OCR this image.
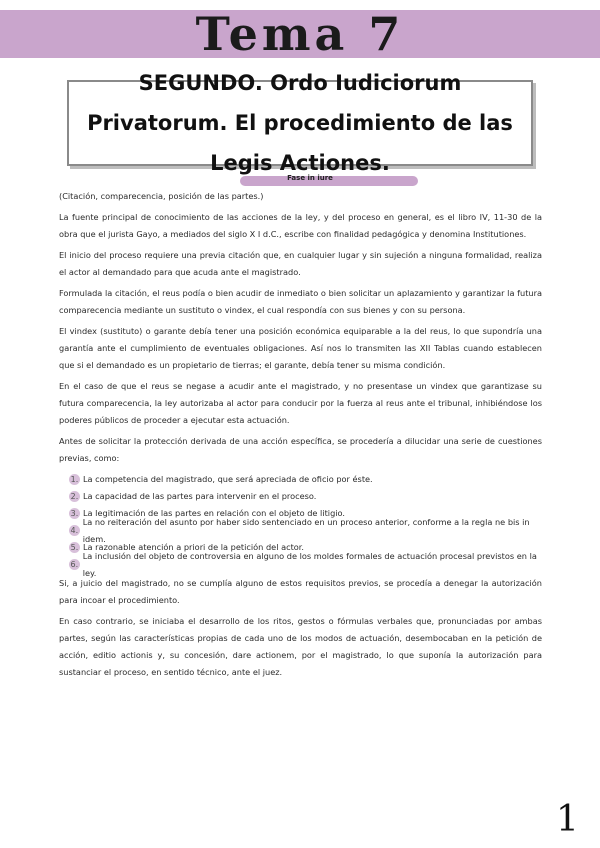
Tema 7
SEGUNDO. Ordo Iudiciorum Privatorum. El procedimiento de las Legis Actiones.
Fase in iure

(Citación, comparecencia, posición de las partes.)

La fuente principal de conocimiento de las acciones de la ley, y del proceso en general, es el libro IV, 11-30 de la obra que el jurista Gayo, a mediados del siglo X I d.C., escribe con finalidad pedagógica y denomina Institutiones.

El inicio del proceso requiere una previa citación que, en cualquier lugar y sin sujeción a ninguna formalidad, realiza el actor al demandado para que acuda ante el magistrado.

Formulada la citación, el reus podía o bien acudir de inmediato o bien solicitar un aplazamiento y garantizar la futura comparecencia mediante un sustituto o vindex, el cual respondía con sus bienes y con su persona.

El vindex (sustituto) o garante debía tener una posición económica equiparable a la del reus, lo que supondría una garantía ante el cumplimiento de eventuales obligaciones. Así nos lo transmiten las XII Tablas cuando establecen que si el demandado es un propietario de tierras; el garante, debía tener su misma condición.

En el caso de que el reus se negase a acudir ante el magistrado, y no presentase un vindex que garantizase su futura comparecencia, la ley autorizaba al actor para conducir por la fuerza al reus ante el tribunal, inhibiéndose los poderes públicos de proceder a ejecutar esta actuación.

Antes de solicitar la protección derivada de una acción específica, se procedería a dilucidar una serie de cuestiones previas, como:

1. La competencia del magistrado, que será apreciada de oficio por éste.
2. La capacidad de las partes para intervenir en el proceso.
3. La legitimación de las partes en relación con el objeto de litigio.
4.
La no reiteración del asunto por haber sido sentenciado en un proceso anterior, conforme a la regla ne bis in idem.
5. La razonable atención a priori de la petición del actor.
6.
La inclusión del objeto de controversia en alguno de los moldes formales de actuación procesal previstos en la ley.

Si, a juicio del magistrado, no se cumplía alguno de estos requisitos previos, se procedía a denegar la autorización para incoar el procedimiento.

En caso contrario, se iniciaba el desarrollo de los ritos, gestos o fórmulas verbales que, pronunciadas por ambas partes, según las características propias de cada uno de los modos de actuación, desembocaban en la petición de acción, editio actionis y, su concesión, dare actionem, por el magistrado, lo que suponía la autorización para sustanciar el proceso, en sentido técnico, ante el juez.

1
